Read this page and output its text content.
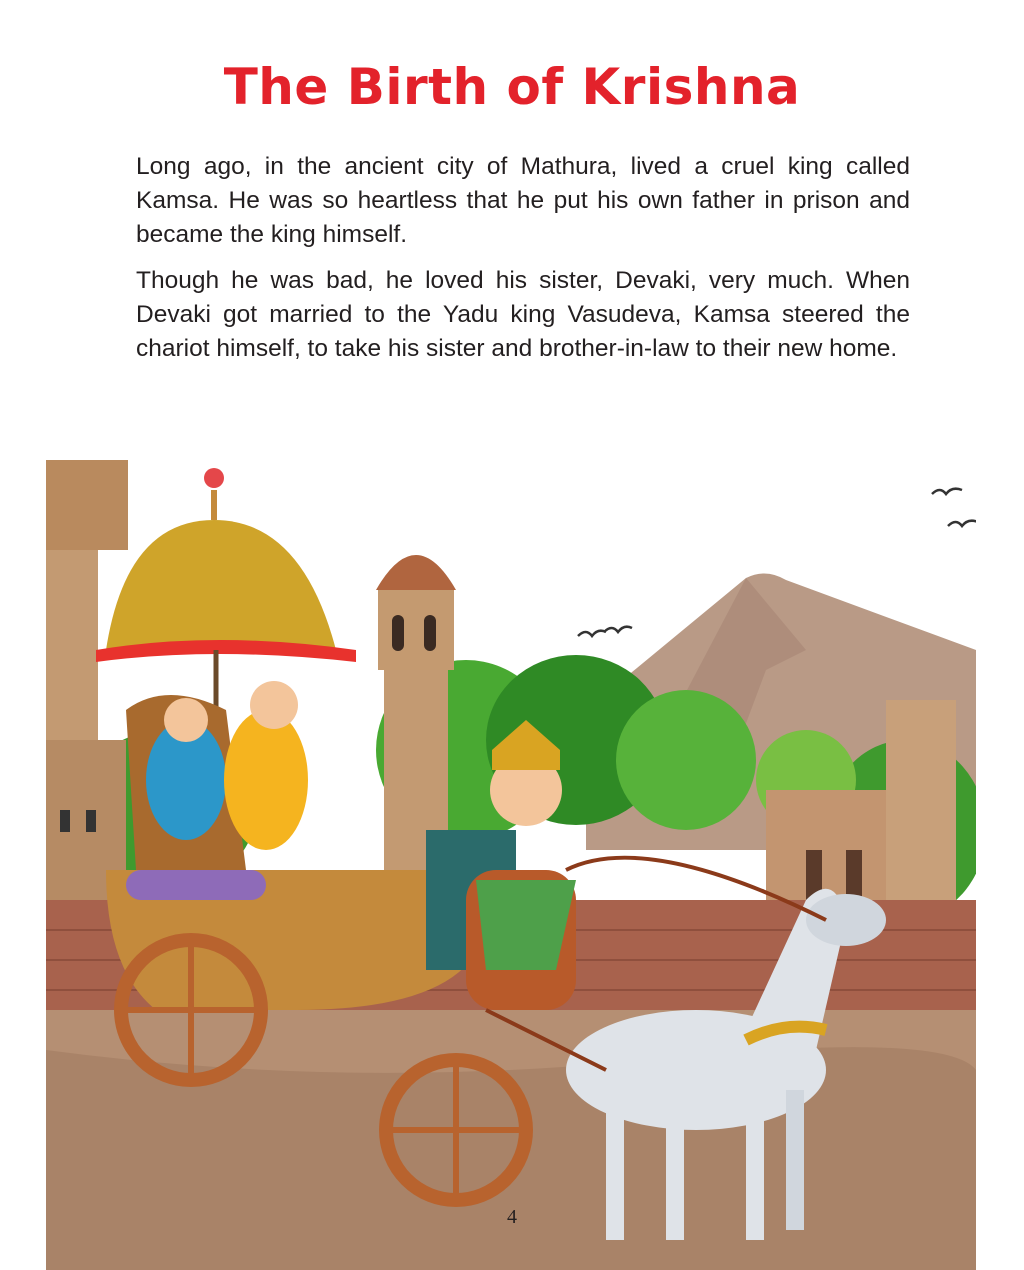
The Birth of Krishna

Long ago, in the ancient city of Mathura, lived a cruel king called Kamsa. He was so heartless that he put his own father in prison and became the king himself.

Though he was bad, he loved his sister, Devaki, very much. When Devaki got married to the Yadu king Vasudeva, Kamsa steered the chariot himself, to take his sister and brother-in-law to their new home.

4
